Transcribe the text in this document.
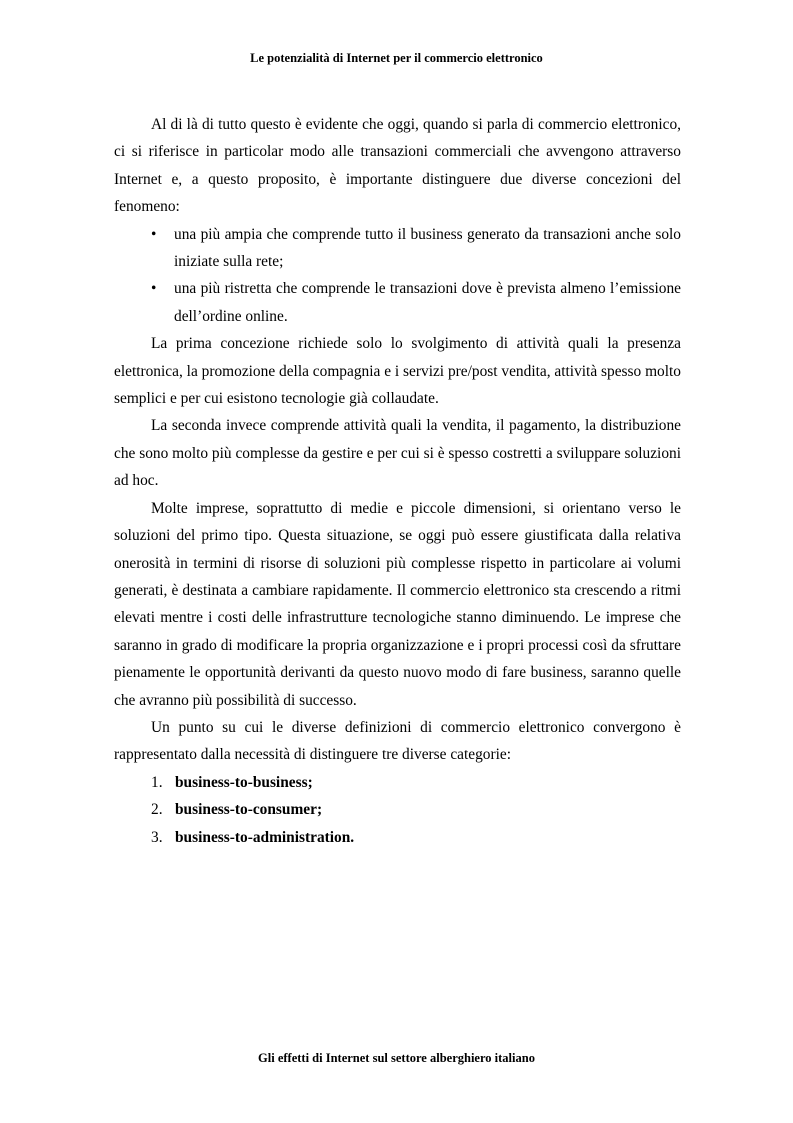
Le potenzialità di Internet per il commercio elettronico

Al di là di tutto questo è evidente che oggi, quando si parla di commercio elettronico, ci si riferisce in particolar modo alle transazioni commerciali che avvengono attraverso Internet e, a questo proposito, è importante distinguere due diverse concezioni del fenomeno:

• una più ampia che comprende tutto il business generato da transazioni anche solo iniziate sulla rete;
• una più ristretta che comprende le transazioni dove è prevista almeno l’emissione dell’ordine online.

La prima concezione richiede solo lo svolgimento di attività quali la presenza elettronica, la promozione della compagnia e i servizi pre/post vendita, attività spesso molto semplici e per cui esistono tecnologie già collaudate.

La seconda invece comprende attività quali la vendita, il pagamento, la distribuzione che sono molto più complesse da gestire e per cui si è spesso costretti a sviluppare soluzioni ad hoc.

Molte imprese, soprattutto di medie e piccole dimensioni, si orientano verso le soluzioni del primo tipo. Questa situazione, se oggi può essere giustificata dalla relativa onerosità in termini di risorse di soluzioni più complesse rispetto in particolare ai volumi generati, è destinata a cambiare rapidamente. Il commercio elettronico sta crescendo a ritmi elevati mentre i costi delle infrastrutture tecnologiche stanno diminuendo. Le imprese che saranno in grado di modificare la propria organizzazione e i propri processi così da sfruttare pienamente le opportunità derivanti da questo nuovo modo di fare business, saranno quelle che avranno più possibilità di successo.

Un punto su cui le diverse definizioni di commercio elettronico convergono è rappresentato dalla necessità di distinguere tre diverse categorie:

1. business-to-business;
2. business-to-consumer;
3. business-to-administration.
Gli effetti di Internet sul settore alberghiero italiano
